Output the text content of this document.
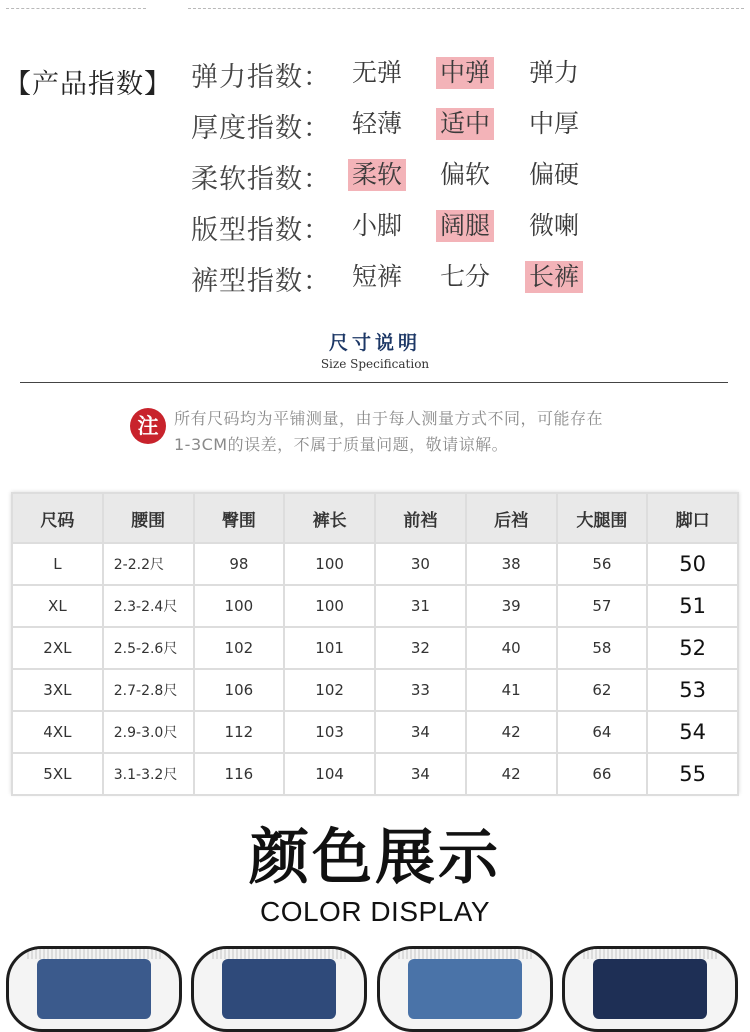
【产品指数】 弹力指数： 无弹 中弹 弹力
厚度指数： 轻薄 适中 中厚
柔软指数： 柔软 偏软 偏硬
版型指数： 小脚 阔腿 微喇
裤型指数： 短裤 七分 长裤
尺寸说明
Size Specification
注 所有尺码均为平铺测量，由于每人测量方式不同，可能存在
1-3CM的误差，不属于质量问题，敬请谅解。
尺码	腰围	臀围	裤长	前裆	后裆	大腿围	脚口
L	2-2.2尺	98	100	30	38	56	50
XL	2.3-2.4尺	100	100	31	39	57	51
2XL	2.5-2.6尺	102	101	32	40	58	52
3XL	2.7-2.8尺	106	102	33	41	62	53
4XL	2.9-3.0尺	112	103	34	42	64	54
5XL	3.1-3.2尺	116	104	34	42	66	55
颜色展示
COLOR DISPLAY
